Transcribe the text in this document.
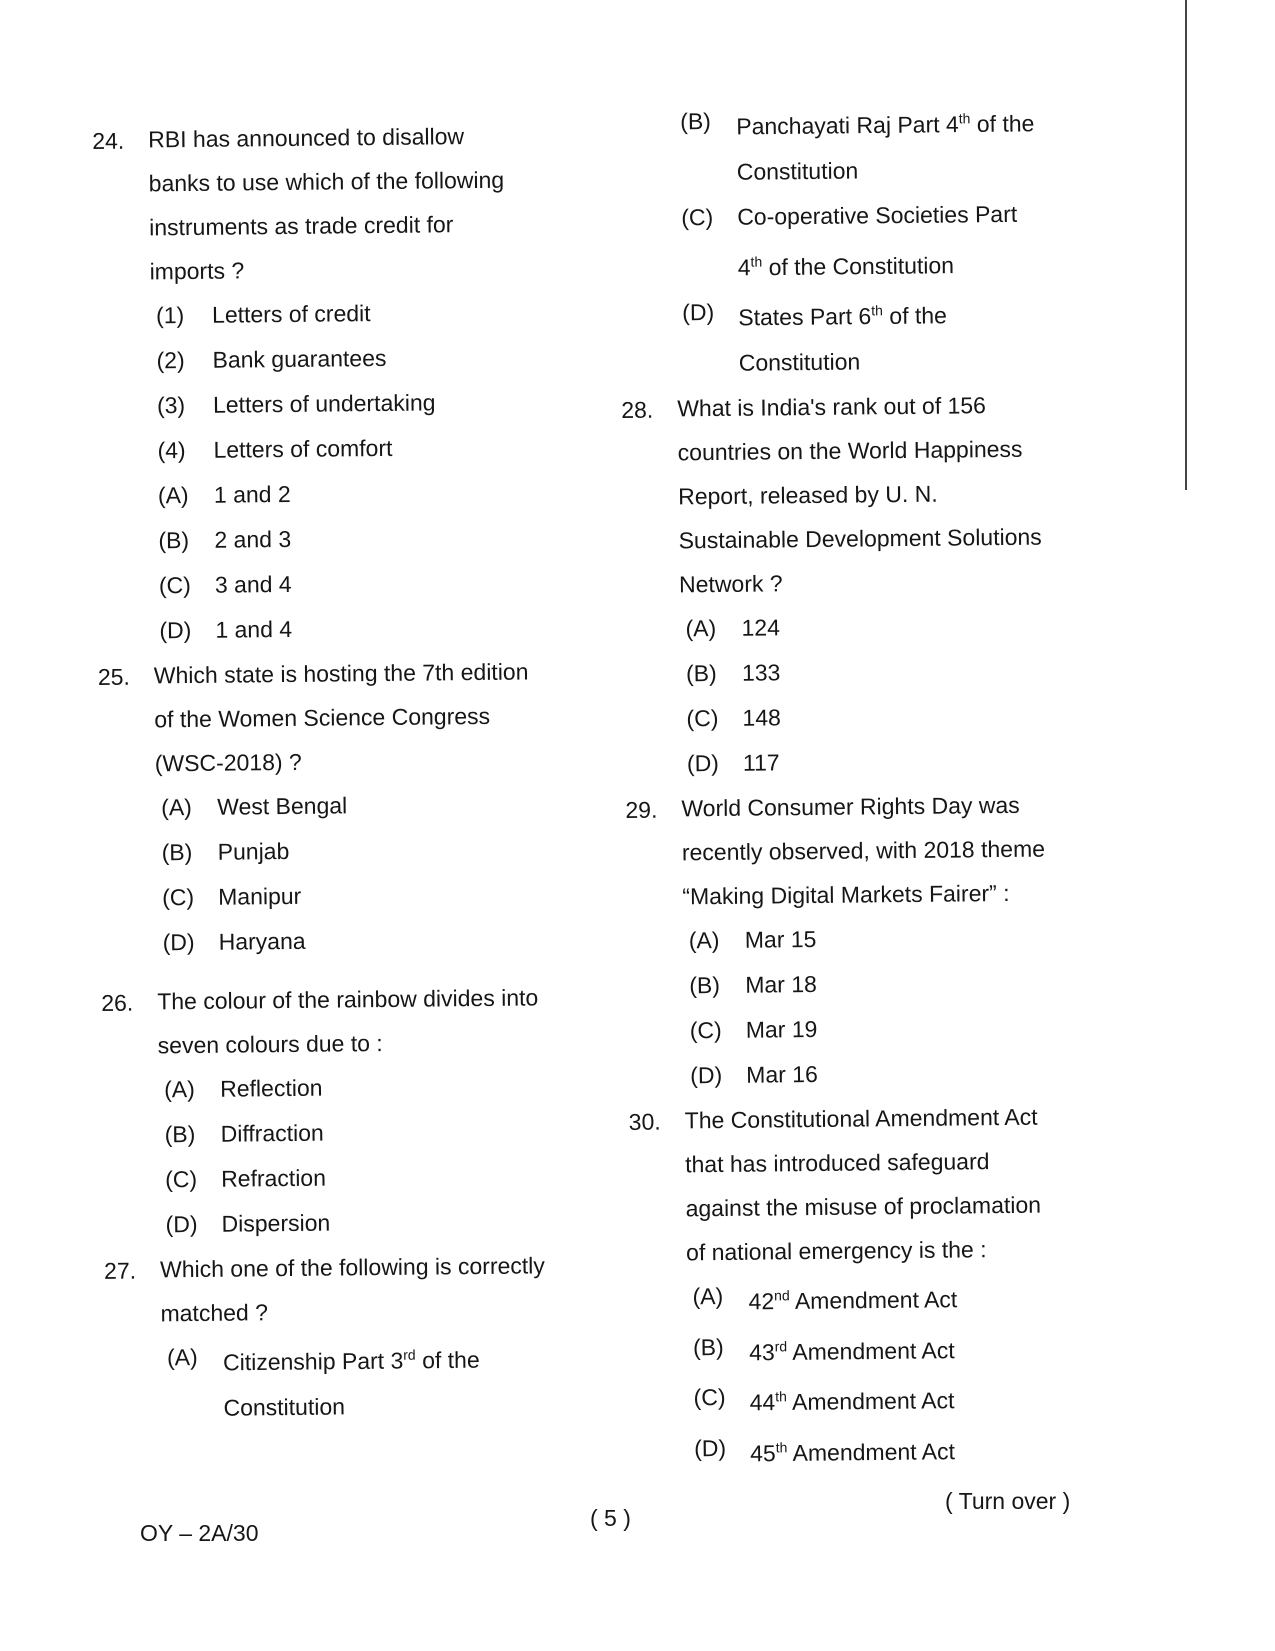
24. RBI has announced to disallow
banks to use which of the following
instruments as trade credit for
imports ?
(1)	Letters of credit
(2)	Bank guarantees
(3)	Letters of undertaking
(4)	Letters of comfort
(A)	1 and 2
(B)	2 and 3
(C)	3 and 4
(D)	1 and 4
25. Which state is hosting the 7th edition
of the Women Science Congress
(WSC-2018) ?
(A)	West Bengal
(B)	Punjab
(C)	Manipur
(D)	Haryana
26. The colour of the rainbow divides into
seven colours due to :
(A)	Reflection
(B)	Diffraction
(C)	Refraction
(D)	Dispersion
27. Which one of the following is correctly
matched ?
(A)	Citizenship Part 3rd of the
Constitution
(B)	Panchayati Raj Part 4th of the
Constitution
(C)	Co-operative Societies Part
4th of the Constitution
(D)	States Part 6th of the Constitution
28. What is India's rank out of 156
countries on the World Happiness
Report, released by U. N.
Sustainable Development Solutions
Network ?
(A)	124
(B)	133
(C)	148
(D)	117
29. World Consumer Rights Day was
recently observed, with 2018 theme
“Making Digital Markets Fairer” :
(A)	Mar 15
(B)	Mar 18
(C)	Mar 19
(D)	Mar 16
30. The Constitutional Amendment Act
that has introduced safeguard
against the misuse of proclamation
of national emergency is the :
(A)	42nd Amendment Act
(B)	43rd Amendment Act
(C)	44th Amendment Act
(D)	45th Amendment Act
OY – 2A/30
( 5 )
( Turn over )
